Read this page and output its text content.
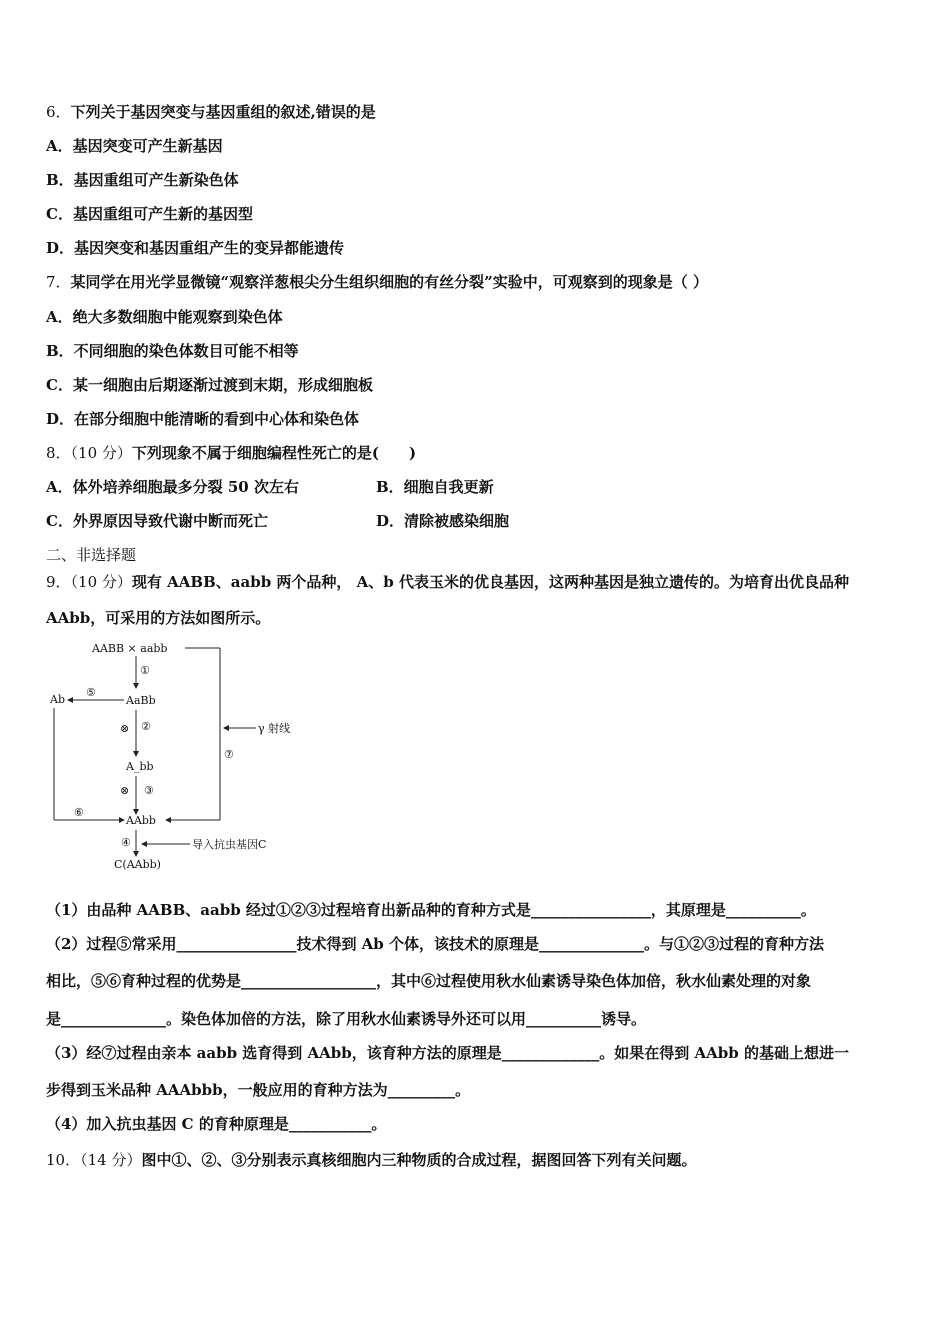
6．下列关于基因突变与基因重组的叙述,错误的是
A．基因突变可产生新基因
B．基因重组可产生新染色体
C．基因重组可产生新的基因型
D．基因突变和基因重组产生的变异都能遗传
7．某同学在用光学显微镜“观察洋葱根尖分生组织细胞的有丝分裂”实验中，可观察到的现象是（ ）
A．绝大多数细胞中能观察到染色体
B．不同细胞的染色体数目可能不相等
C．某一细胞由后期逐渐过渡到末期，形成细胞板
D．在部分细胞中能清晰的看到中心体和染色体
8．（10 分）下列现象不属于细胞编程性死亡的是(　　)
A．体外培养细胞最多分裂 50 次左右	B．细胞自我更新
C．外界原因导致代谢中断而死亡	D．清除被感染细胞
二、非选择题
9．（10 分）现有 AABB、aabb 两个品种， A、b 代表玉米的优良基因，这两种基因是独立遗传的。为培育出优良品种
AAbb，可采用的方法如图所示。
AABB × aabb
γ 射线
⑦
①
AaBb
⑤
Ab
⑥
⊗ ②
A_bb
⊗ ③
AAbb
④	导入抗虫基因C
C(AAbb)
（1）由品种 AABB、aabb 经过①②③过程培育出新品种的育种方式是________________，其原理是__________。
（2）过程⑤常采用________________技术得到 Ab 个体，该技术的原理是______________。与①②③过程的育种方法
相比，⑤⑥育种过程的优势是__________________，其中⑥过程使用秋水仙素诱导染色体加倍，秋水仙素处理的对象
是______________。染色体加倍的方法，除了用秋水仙素诱导外还可以用__________诱导。
（3）经⑦过程由亲本 aabb 选育得到 AAbb，该育种方法的原理是_____________。如果在得到 AAbb 的基础上想进一
步得到玉米品种 AAAbbb，一般应用的育种方法为_________。
（4）加入抗虫基因 C 的育种原理是___________。
10．（14 分）图中①、②、③分别表示真核细胞内三种物质的合成过程，据图回答下列有关问题。
